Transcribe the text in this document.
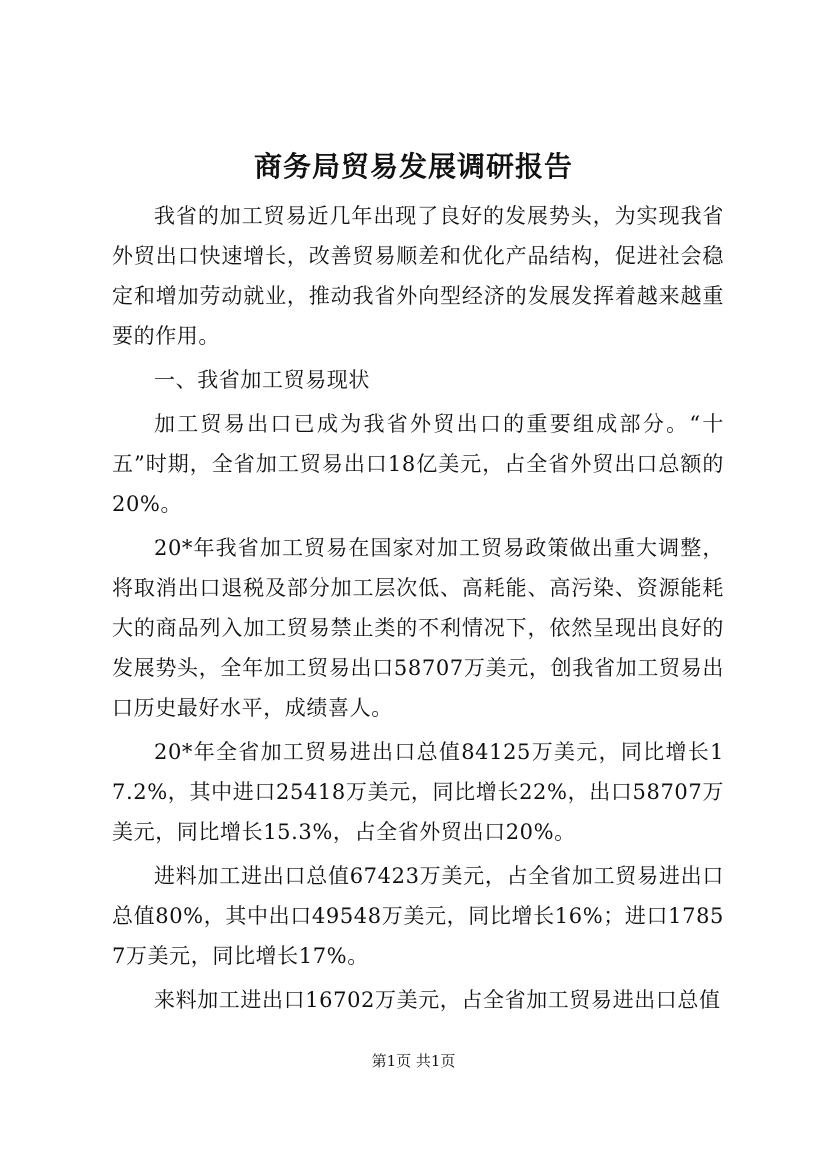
商务局贸易发展调研报告

我省的加工贸易近几年出现了良好的发展势头，为实现我省外贸出口快速增长，改善贸易顺差和优化产品结构，促进社会稳定和增加劳动就业，推动我省外向型经济的发展发挥着越来越重要的作用。

一、我省加工贸易现状

加工贸易出口已成为我省外贸出口的重要组成部分。“十五”时期，全省加工贸易出口18亿美元，占全省外贸出口总额的20%。

20*年我省加工贸易在国家对加工贸易政策做出重大调整，将取消出口退税及部分加工层次低、高耗能、高污染、资源能耗大的商品列入加工贸易禁止类的不利情况下，依然呈现出良好的发展势头，全年加工贸易出口58707万美元，创我省加工贸易出口历史最好水平，成绩喜人。

20*年全省加工贸易进出口总值84125万美元，同比增长17.2%，其中进口25418万美元，同比增长22%，出口58707万美元，同比增长15.3%，占全省外贸出口20%。

进料加工进出口总值67423万美元，占全省加工贸易进出口总值80%，其中出口49548万美元，同比增长16%；进口17857万美元，同比增长17%。

来料加工进出口16702万美元，占全省加工贸易进出口总值

第1页 共1页
